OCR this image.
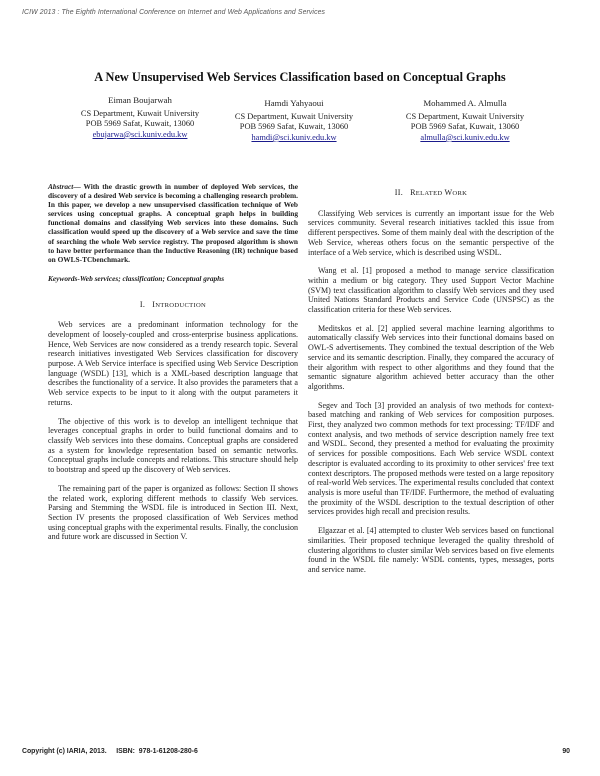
ICIW 2013 : The Eighth International Conference on Internet and Web Applications and Services
A New Unsupervised Web Services Classification based on Conceptual Graphs
Eiman Boujarwah
CS Department, Kuwait University
POB 5969 Safat, Kuwait, 13060
ebujarwa@sci.kuniv.edu.kw
Hamdi Yahyaoui
CS Department, Kuwait University
POB 5969 Safat, Kuwait, 13060
hamdi@sci.kuniv.edu.kw
Mohammed A. Almulla
CS Department, Kuwait University
POB 5969 Safat, Kuwait, 13060
almulla@sci.kuniv.edu.kw

Abstract— With the drastic growth in number of deployed Web services, the discovery of a desired Web service is becoming a challenging research problem. In this paper, we develop a new unsupervised classification technique of Web services using conceptual graphs. A conceptual graph helps in building functional domains and classifying Web services into these domains. Such classification would speed up the discovery of a Web service and save the time of searching the whole Web service registry. The proposed algorithm is shown to have better performance than the Inductive Reasoning (IR) technique based on OWLS-TCbenchmark.

Keywords-Web services; classification; Conceptual graphs

I. INTRODUCTION

Web services are a predominant information technology for the development of loosely-coupled and cross-enterprise business applications. Hence, Web Services are now considered as a trendy research topic. Several research initiatives investigated Web Services classification for discovery purpose. A Web Service interface is specified using Web Service Description language (WSDL) [13], which is a XML-based description language that describes the functionality of a service. It also provides the parameters that a Web service expects to be input to it along with the output parameters it returns.

The objective of this work is to develop an intelligent technique that leverages conceptual graphs in order to build functional domains and to classify Web services into these domains. Conceptual graphs are considered as a system for knowledge representation based on semantic networks. Conceptual graphs include concepts and relations. This structure should help to bootstrap and speed up the discovery of Web services.

The remaining part of the paper is organized as follows: Section II shows the related work, exploring different methods to classify Web services. Parsing and Stemming the WSDL file is introduced in Section III. Next, Section IV presents the proposed classification of Web Services method using conceptual graphs with the experimental results. Finally, the conclusion and future work are discussed in Section V.

II. RELATED WORK

Classifying Web services is currently an important issue for the Web services community. Several research initiatives tackled this issue from different perspectives. Some of them mainly deal with the description of the Web Service, whereas others focus on the semantic perspective of the interface of a Web service, which is described using WSDL.

Wang et al. [1] proposed a method to manage service classification within a medium or big category. They used Support Vector Machine (SVM) text classification algorithm to classify Web services and they used United Nations Standard Products and Service Code (UNSPSC) as the classification criteria for these Web services.

Meditskos et al. [2] applied several machine learning algorithms to automatically classify Web services into their functional domains based on OWL-S advertisements. They combined the textual description of the Web service and its semantic description. Finally, they compared the accuracy of their algorithm with respect to other algorithms and they found that the semantic signature algorithm achieved better accuracy than the other algorithms.

Segev and Toch [3] provided an analysis of two methods for context-based matching and ranking of Web services for composition purposes. First, they analyzed two common methods for text processing: TF/IDF and context analysis, and two methods of service description namely free text and WSDL. Second, they presented a method for evaluating the proximity of services for possible compositions. Each Web service WSDL context descriptor is evaluated according to its proximity to other services' free text context descriptors. The proposed methods were tested on a large repository of real-world Web services. The experimental results concluded that context analysis is more useful than TF/IDF. Furthermore, the method of evaluating the proximity of the WSDL description to the textual description of other services provides high recall and precision results.

Elgazzar et al. [4] attempted to cluster Web services based on functional similarities. Their proposed technique leveraged the quality threshold of clustering algorithms to cluster similar Web services based on five elements found in the WSDL file namely: WSDL contents, types, messages, ports and service name.

Copyright (c) IARIA, 2013.     ISBN:  978-1-61208-280-6	90
